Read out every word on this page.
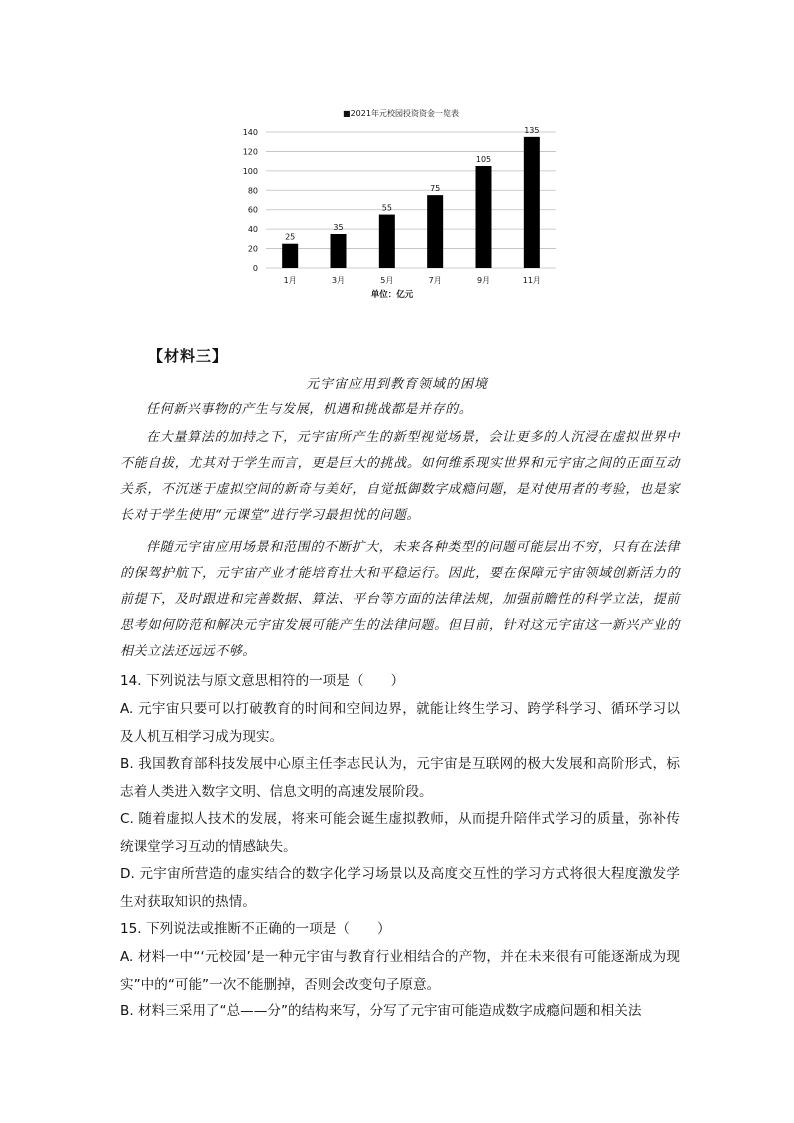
■2021年元校园投资资金一览表
0
20
40
60
80
100
120
140
25
35
55
75
105
135
1月	3月	5月	7月	9月	11月
单位：亿元
【材料三】
元宇宙应用到教育领域的困境

任何新兴事物的产生与发展，机遇和挑战都是并存的。

在大量算法的加持之下，元宇宙所产生的新型视觉场景，会让更多的人沉浸在虚拟世界中不能自拔，尤其对于学生而言，更是巨大的挑战。如何维系现实世界和元宇宙之间的正面互动关系，不沉迷于虚拟空间的新奇与美好，自觉抵御数字成瘾问题，是对使用者的考验，也是家长对于学生使用“元课堂”进行学习最担忧的问题。

伴随元宇宙应用场景和范围的不断扩大，未来各种类型的问题可能层出不穷，只有在法律的保驾护航下，元宇宙产业才能培育壮大和平稳运行。因此，要在保障元宇宙领域创新活力的前提下，及时跟进和完善数据、算法、平台等方面的法律法规，加强前瞻性的科学立法，提前思考如何防范和解决元宇宙发展可能产生的法律问题。但目前，针对这元宇宙这一新兴产业的相关立法还远远不够。

14. 下列说法与原文意思相符的一项是（　　）

A. 元宇宙只要可以打破教育的时间和空间边界，就能让终生学习、跨学科学习、循环学习以及人机互相学习成为现实。

B. 我国教育部科技发展中心原主任李志民认为，元宇宙是互联网的极大发展和高阶形式，标志着人类进入数字文明、信息文明的高速发展阶段。

C. 随着虚拟人技术的发展，将来可能会诞生虚拟教师，从而提升陪伴式学习的质量，弥补传统课堂学习互动的情感缺失。

D. 元宇宙所营造的虚实结合的数字化学习场景以及高度交互性的学习方式将很大程度激发学生对获取知识的热情。

15. 下列说法或推断不正确的一项是（　　）

A. 材料一中“‘元校园’是一种元宇宙与教育行业相结合的产物，并在未来很有可能逐渐成为现实”中的“可能”一次不能删掉，否则会改变句子原意。

B. 材料三采用了“总——分”的结构来写，分写了元宇宙可能造成数字成瘾问题和相关法
